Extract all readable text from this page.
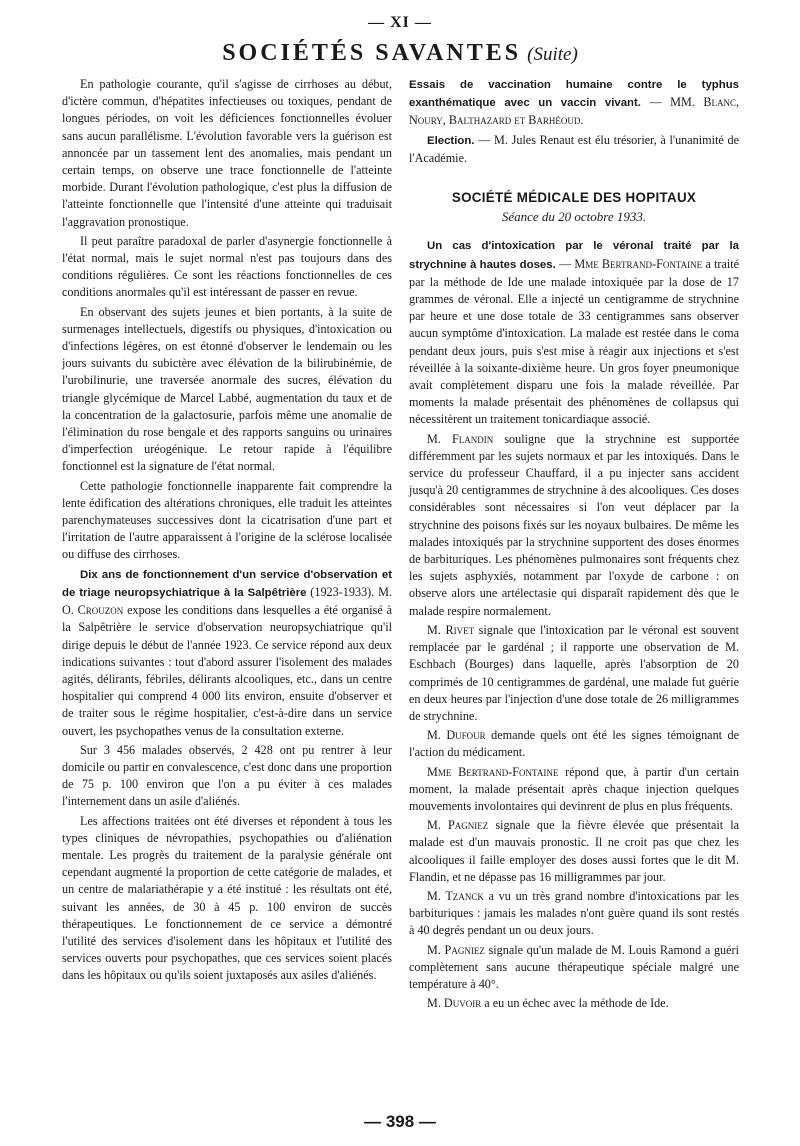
— XI —
SOCIÉTÉS SAVANTES (Suite)

En pathologie courante, qu'il s'agisse de cirrhoses au début, d'ictère commun, d'hépatites infectieuses ou toxiques, pendant de longues périodes, on voit les déficiences fonctionnelles évoluer sans aucun parallélisme. L'évolution favorable vers la guérison est annoncée par un tassement lent des anomalies, mais pendant un certain temps, on observe une trace fonctionnelle de l'atteinte morbide. Durant l'évolution pathologique, c'est plus la diffusion de l'atteinte fonctionnelle que l'intensité d'une atteinte qui traduisait l'aggravation pronostique.

Il peut paraître paradoxal de parler d'asynergie fonctionnelle à l'état normal, mais le sujet normal n'est pas toujours dans des conditions régulières. Ce sont les réactions fonctionnelles de ces conditions anormales qu'il est intéressant de passer en revue.

En observant des sujets jeunes et bien portants, à la suite de surmenages intellectuels, digestifs ou physiques, d'intoxication ou d'infections légères, on est étonné d'observer le lendemain ou les jours suivants du subictère avec élévation de la bilirubinémie, de l'urobilinurie, une traversée anormale des sucres, élévation du triangle glycémique de Marcel Labbé, augmentation du taux et de la concentration de la galactosurie, parfois même une anomalie de l'élimination du rose bengale et des rapports sanguins ou urinaires d'imperfection uréogénique. Le retour rapide à l'équilibre fonctionnel est la signature de l'état normal.

Cette pathologie fonctionnelle inapparente fait comprendre la lente édification des altérations chroniques, elle traduit les atteintes parenchymateuses successives dont la cicatrisation d'une part et l'irritation de l'autre apparaissent à l'origine de la sclérose localisée ou diffuse des cirrhoses.

Dix ans de fonctionnement d'un service d'observation et de triage neuropsychiatrique à la Salpêtrière (1923-1933). M. O. Crouzon expose les conditions dans lesquelles a été organisé à la Salpêtrière le service d'observation neuropsychiatrique qu'il dirige depuis le début de l'année 1923. Ce service répond aux deux indications suivantes : tout d'abord assurer l'isolement des malades agités, délirants, fébriles, délirants alcooliques, etc., dans un centre hospitalier qui comprend 4 000 lits environ, ensuite d'observer et de traiter sous le régime hospitalier, c'est-à-dire dans un service ouvert, les psychopathes venus de la consultation externe.

Sur 3 456 malades observés, 2 428 ont pu rentrer à leur domicile ou partir en convalescence, c'est donc dans une proportion de 75 p. 100 environ que l'on a pu éviter à ces malades l'internement dans un asile d'aliénés.

Les affections traitées ont été diverses et répondent à tous les types cliniques de névropathies, psychopathies ou d'aliénation mentale. Les progrès du traitement de la paralysie générale ont cependant augmenté la proportion de cette catégorie de malades, et un centre de malariathérapie y a été institué : les résultats ont été, suivant les années, de 30 à 45 p. 100 environ de succès thérapeutiques. Le fonctionnement de ce service a démontré l'utilité des services d'isolement dans les hôpitaux et l'utilité des services ouverts pour psychopathes, que ces services soient placés dans les hôpitaux ou qu'ils soient juxtaposés aux asiles d'aliénés.

Essais de vaccination humaine contre le typhus exanthématique avec un vaccin vivant. — MM. Blanc, Noury, Balthazard et Barhéoud.

Election. — M. Jules Renaut est élu trésorier, à l'unanimité de l'Académie.

SOCIÉTÉ MÉDICALE DES HOPITAUX
Séance du 20 octobre 1933.

Un cas d'intoxication par le véronal traité par la strychnine à hautes doses. — Mme Bertrand-Fontaine a traité par la méthode de Ide une malade intoxiquée par la dose de 17 grammes de véronal. Elle a injecté un centigramme de strychnine par heure et une dose totale de 33 centigrammes sans observer aucun symptôme d'intoxication. La malade est restée dans le coma pendant deux jours, puis s'est mise à réagir aux injections et s'est réveillée à la soixante-dixième heure. Un gros foyer pneumonique avait complètement disparu une fois la malade réveillée. Par moments la malade présentait des phénomènes de collapsus qui nécessitèrent un traitement tonicardiaque associé.

M. Flandin souligne que la strychnine est supportée différemment par les sujets normaux et par les intoxiqués. Dans le service du professeur Chauffard, il a pu injecter sans accident jusqu'à 20 centigrammes de strychnine à des alcooliques. Ces doses considérables sont nécessaires si l'on veut déplacer par la strychnine des poisons fixés sur les noyaux bulbaires. De même les malades intoxiqués par la strychnine supportent des doses énormes de barbituriques. Les phénomènes pulmonaires sont fréquents chez les sujets asphyxiés, notamment par l'oxyde de carbone : on observe alors une artélectasie qui disparaît rapidement dès que le malade respire normalement.

M. Rivet signale que l'intoxication par le véronal est souvent remplacée par le gardénal ; il rapporte une observation de M. Eschbach (Bourges) dans laquelle, après l'absorption de 20 comprimés de 10 centigrammes de gardénal, une malade fut guérie en deux heures par l'injection d'une dose totale de 26 milligrammes de strychnine.

M. Dufour demande quels ont été les signes témoignant de l'action du médicament.

Mme Bertrand-Fontaine répond que, à partir d'un certain moment, la malade présentait après chaque injection quelques mouvements involontaires qui devinrent de plus en plus fréquents.

M. Pagniez signale que la fièvre élevée que présentait la malade est d'un mauvais pronostic. Il ne croit pas que chez les alcooliques il faille employer des doses aussi fortes que le dit M. Flandin, et ne dépasse pas 16 milligrammes par jour.

M. Tzanck a vu un très grand nombre d'intoxications par les barbituriques : jamais les malades n'ont guère quand ils sont restés à 40 degrés pendant un ou deux jours.

M. Pagniez signale qu'un malade de M. Louis Ramond a guéri complètement sans aucune thérapeutique spéciale malgré une température à 40°.

M. Duvoir a eu un échec avec la méthode de Ide.

— 398 —
